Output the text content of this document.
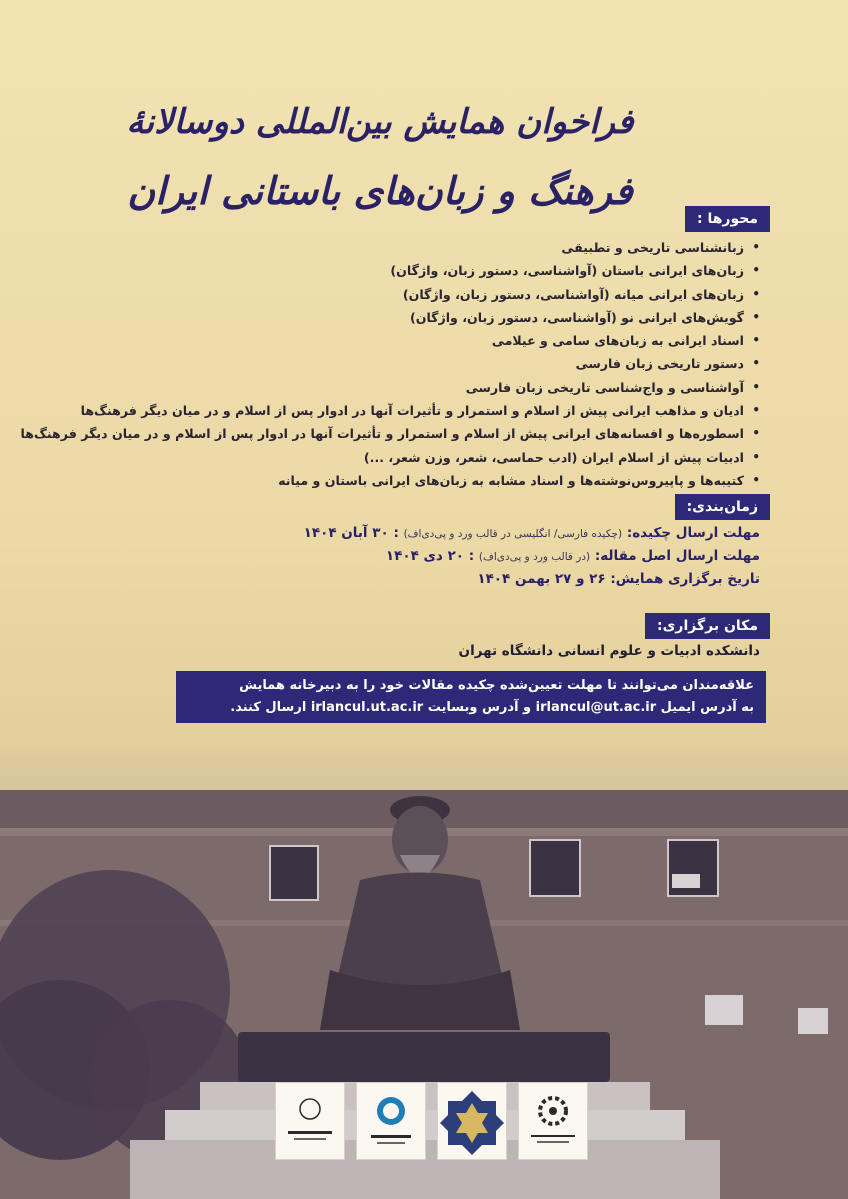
فراخوان همایش بین‌المللی دوسالانهٔ
فرهنگ و زبان‌های باستانی ایران
محورها :
•
زبانشناسی تاریخی و تطبیقی
•
زبان‌های ایرانی باستان (آواشناسی، دستور زبان، واژگان)
•
زبان‌های ایرانی میانه (آواشناسی، دستور زبان، واژگان)
•
گویش‌های ایرانی نو (آواشناسی، دستور زبان، واژگان)
•
اسناد ایرانی به زبان‌های سامی و عیلامی
•
دستور تاریخی زبان فارسی
•
آواشناسی و واج‌شناسی تاریخی زبان فارسی
•
ادیان و مذاهب ایرانی پیش از اسلام و استمرار و تأثیرات آنها در ادوار پس از اسلام و در میان دیگر فرهنگ‌ها
•
اسطوره‌ها و افسانه‌های ایرانی پیش از اسلام و استمرار و تأثیرات آنها در ادوار پس از اسلام و در میان دیگر فرهنگ‌ها
•
ادبیات پیش از اسلام ایران (ادب حماسی، شعر، وزن شعر، ...)
•
کتیبه‌ها و پاپیروس‌نوشته‌ها و اسناد مشابه به زبان‌های ایرانی باستان و میانه
زمان‌بندی:
مهلت ارسال چکیده: (چکیده فارسی/ انگلیسی در قالب ورد و پی‌دی‌اف) : ۳۰ آبان ۱۴۰۴
مهلت ارسال اصل مقاله: (در قالب ورد و پی‌دی‌اف) : ۲۰ دی ۱۴۰۴
تاریخ برگزاری همایش: ۲۶ و ۲۷ بهمن ۱۴۰۴
مکان برگزاری:
دانشکده ادبیات و علوم انسانی دانشگاه تهران
علاقه‌مندان می‌توانند تا مهلت تعیین‌شده چکیده مقالات خود را به دبیرخانه همایش
به آدرس ایمیل irlancul@ut.ac.ir و آدرس وبسایت irlancul.ut.ac.ir ارسال کنند.
